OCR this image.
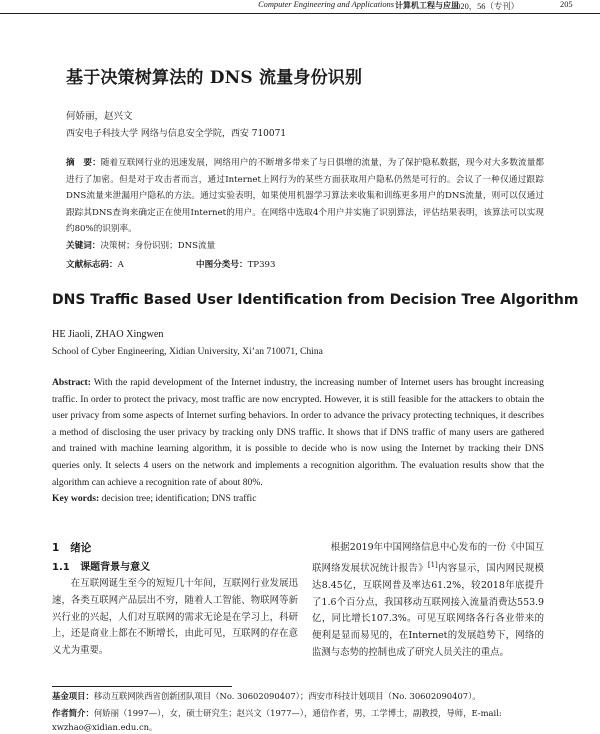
Computer Engineering and Applications 计算机工程与应用
2020，56（专刊）	205
基于决策树算法的 DNS 流量身份识别
何娇丽，赵兴文
西安电子科技大学 网络与信息安全学院，西安 710071
摘　要：随着互联网行业的迅速发展，网络用户的不断增多带来了与日俱增的流量，为了保护隐私数据，现今对大多数流量都进行了加密。但是对于攻击者而言，通过Internet上网行为的某些方面获取用户隐私仍然是可行的。会议了一种仅通过跟踪DNS流量来泄漏用户隐私的方法。通过实验表明，如果使用机器学习算法来收集和训练更多用户的DNS流量，则可以仅通过跟踪其DNS查询来确定正在使用Internet的用户。在网络中选取4个用户并实施了识别算法，评估结果表明，该算法可以实现约80%的识别率。
关键词：决策树；身份识别；DNS流量
文献标志码：A	中图分类号：TP393
DNS Traffic Based User Identification from Decision Tree Algorithm
HE Jiaoli, ZHAO Xingwen
School of Cyber Engineering, Xidian University, Xi’an 710071, China
Abstract: With the rapid development of the Internet industry, the increasing number of Internet users has brought increasing traffic. In order to protect the privacy, most traffic are now encrypted. However, it is still feasible for the attackers to obtain the user privacy from some aspects of Internet surfing behaviors. In order to advance the privacy protecting techniques, it describes a method of disclosing the user privacy by tracking only DNS traffic. It shows that if DNS traffic of many users are gathered and trained with machine learning algorithm, it is possible to decide who is now using the Internet by tracking their DNS queries only. It selects 4 users on the network and implements a recognition algorithm. The evaluation results show that the algorithm can achieve a recognition rate of about 80%.
Key words: decision tree; identification; DNS traffic
1 绪论
1.1 课题背景与意义
在互联网诞生至今的短短几十年间，互联网行业发展迅速，各类互联网产品层出不穷，随着人工智能、物联网等新兴行业的兴起，人们对互联网的需求无论是在学习上，科研上，还是商业上都在不断增长，由此可见，互联网的存在意义尤为重要。
根据2019年中国网络信息中心发布的一份《中国互联网络发展状况统计报告》[1]内容显示，国内网民规模达8.45亿，互联网普及率达61.2%，较2018年底提升了1.6个百分点，我国移动互联网接入流量消费达553.9亿，同比增长107.3%。可见互联网络各行各业带来的便利是显而易见的，在Internet的发展趋势下，网络的监测与态势的控制也成了研究人员关注的重点。
基金项目：移动互联网陕西省创新团队项目（No. 30602090407）；西安市科技计划项目（No. 30602090407）。
作者简介：何娇丽（1997—），女，硕士研究生；赵兴文（1977—），通信作者，男，工学博士，副教授，导师，E-mail: xwzhao@xidian.edu.cn。
